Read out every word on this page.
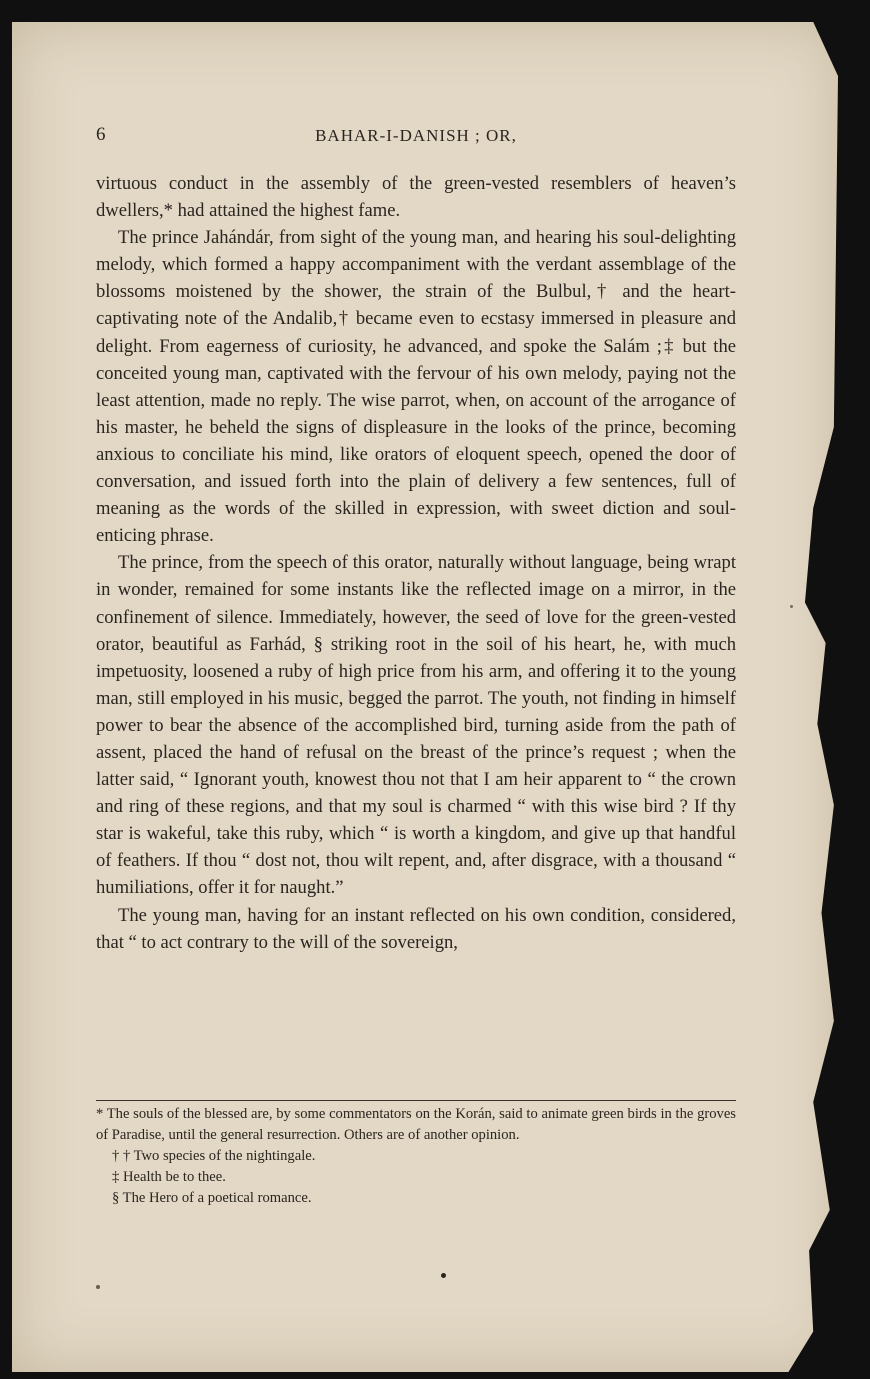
6	BAHAR-I-DANISH ; OR,

virtuous conduct in the assembly of the green-vested resemblers of heaven’s dwellers,* had attained the highest fame.

The prince Jahándár, from sight of the young man, and hearing his soul-delighting melody, which formed a happy accompaniment with the verdant assemblage of the blossoms moistened by the shower, the strain of the Bulbul,† and the heart-captivating note of the Andalib,† became even to ecstasy immersed in pleasure and delight. From eagerness of curiosity, he advanced, and spoke the Salám ;‡ but the conceited young man, captivated with the fervour of his own melody, paying not the least attention, made no reply. The wise parrot, when, on account of the arrogance of his master, he beheld the signs of displeasure in the looks of the prince, becoming anxious to conciliate his mind, like orators of eloquent speech, opened the door of conversation, and issued forth into the plain of delivery a few sentences, full of meaning as the words of the skilled in expression, with sweet diction and soul-enticing phrase.

The prince, from the speech of this orator, naturally without language, being wrapt in wonder, remained for some instants like the reflected image on a mirror, in the confinement of silence. Immediately, however, the seed of love for the green-vested orator, beautiful as Farhád, § striking root in the soil of his heart, he, with much impetuosity, loosened a ruby of high price from his arm, and offering it to the young man, still employed in his music, begged the parrot. The youth, not finding in himself power to bear the absence of the accomplished bird, turning aside from the path of assent, placed the hand of refusal on the breast of the prince’s request ; when the latter said, “ Ignorant youth, knowest thou not that I am heir apparent to “ the crown and ring of these regions, and that my soul is charmed “ with this wise bird ? If thy star is wakeful, take this ruby, which “ is worth a kingdom, and give up that handful of feathers. If thou “ dost not, thou wilt repent, and, after disgrace, with a thousand “ humiliations, offer it for naught.”

The young man, having for an instant reflected on his own condition, considered, that “ to act contrary to the will of the sovereign,

* The souls of the blessed are, by some commentators on the Korán, said to animate green birds in the groves of Paradise, until the general resurrection. Others are of another opinion.

† † Two species of the nightingale.

‡ Health be to thee.

§ The Hero of a poetical romance.
